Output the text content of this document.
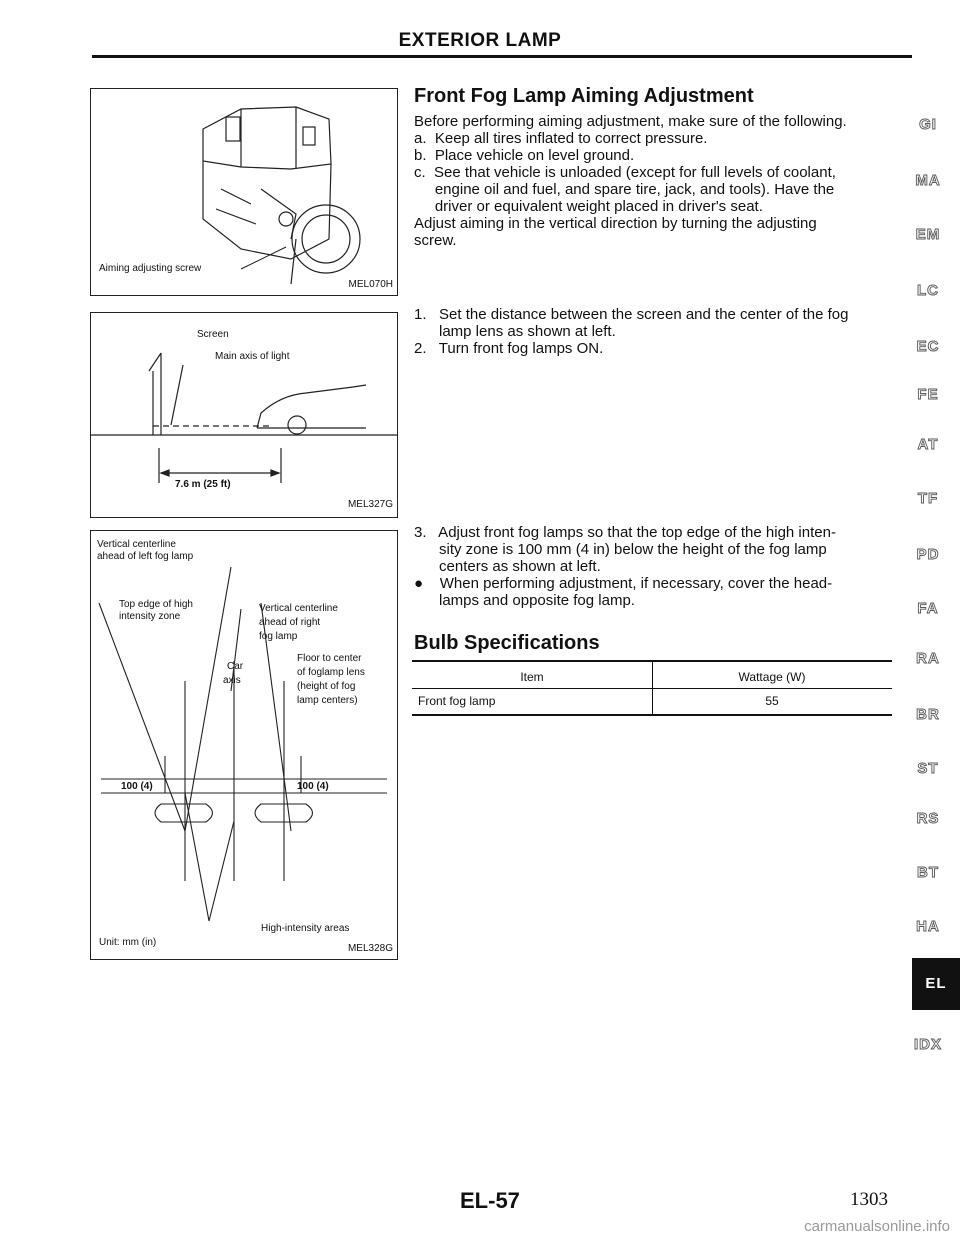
EXTERIOR LAMP
Aiming adjusting screw
MEL070H
Screen
Main axis of light
7.6 m (25 ft)
MEL327G
Vertical centerline
ahead of left fog lamp
Top edge of high
intensity zone
Vertical centerline
ahead of right
fog lamp
Floor to center
of foglamp lens
(height of fog
lamp centers)
Car
axis
100 (4)	100 (4)
High-intensity areas
Unit: mm (in)
MEL328G
Front Fog Lamp Aiming Adjustment
Before performing aiming adjustment, make sure of the following.
a.  Keep all tires inflated to correct pressure.
b.  Place vehicle on level ground.
c.  See that vehicle is unloaded (except for full levels of coolant,
engine oil and fuel, and spare tire, jack, and tools). Have the
driver or equivalent weight placed in driver's seat.
Adjust aiming in the vertical direction by turning the adjusting
screw.
1.   Set the distance between the screen and the center of the fog
lamp lens as shown at left.
2.   Turn front fog lamps ON.
3.   Adjust front fog lamps so that the top edge of the high inten-
sity zone is 100 mm (4 in) below the height of the fog lamp
centers as shown at left.
●    When performing adjustment, if necessary, cover the head-
lamps and opposite fog lamp.
Bulb Specifications
Item	Wattage (W)
Front fog lamp	55
GI
MA
EM
LC
EC
FE
AT
TF
PD
FA
RA
BR
ST
RS
BT
HA
EL
IDX
EL-57	1303
carmanualsonline.info
